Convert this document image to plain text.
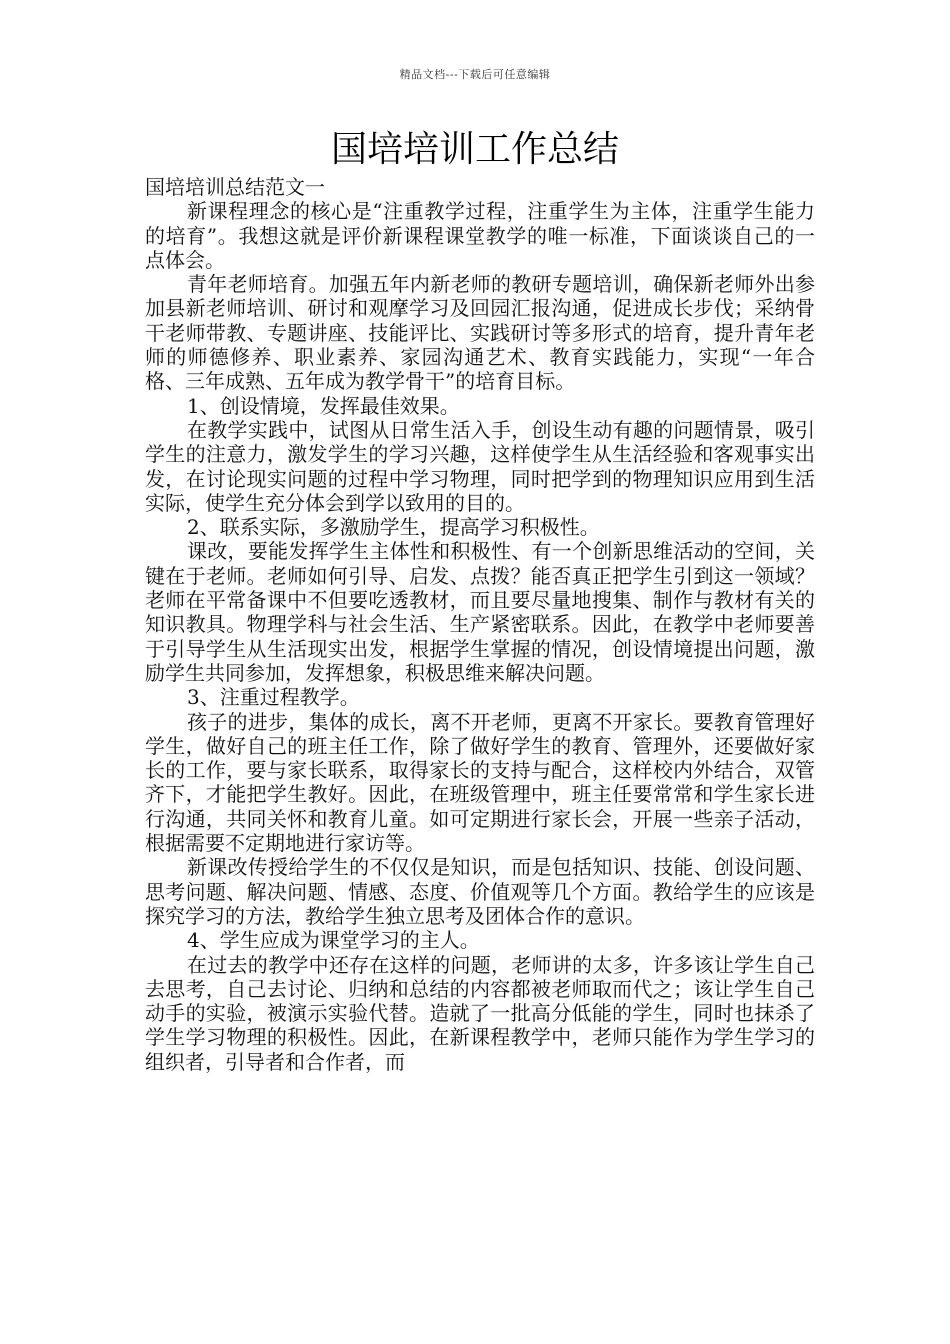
精品文档---下载后可任意编辑
国培培训工作总结

国培培训总结范文一

新课程理念的核心是“注重教学过程，注重学生为主体，注重学生能力的培育”。我想这就是评价新课程课堂教学的唯一标准，下面谈谈自己的一点体会。

青年老师培育。加强五年内新老师的教研专题培训，确保新老师外出参加县新老师培训、研讨和观摩学习及回园汇报沟通，促进成长步伐；采纳骨干老师带教、专题讲座、技能评比、实践研讨等多形式的培育，提升青年老师的师德修养、职业素养、家园沟通艺术、教育实践能力，实现“一年合格、三年成熟、五年成为教学骨干”的培育目标。

1、创设情境，发挥最佳效果。

在教学实践中，试图从日常生活入手，创设生动有趣的问题情景，吸引学生的注意力，激发学生的学习兴趣，这样使学生从生活经验和客观事实出发，在讨论现实问题的过程中学习物理，同时把学到的物理知识应用到生活实际，使学生充分体会到学以致用的目的。

2、联系实际，多激励学生，提高学习积极性。

课改，要能发挥学生主体性和积极性、有一个创新思维活动的空间，关键在于老师。老师如何引导、启发、点拨？能否真正把学生引到这一领域？老师在平常备课中不但要吃透教材，而且要尽量地搜集、制作与教材有关的知识教具。物理学科与社会生活、生产紧密联系。因此，在教学中老师要善于引导学生从生活现实出发，根据学生掌握的情况，创设情境提出问题，激励学生共同参加，发挥想象，积极思维来解决问题。

3、注重过程教学。

孩子的进步，集体的成长，离不开老师，更离不开家长。要教育管理好学生，做好自己的班主任工作，除了做好学生的教育、管理外，还要做好家长的工作，要与家长联系，取得家长的支持与配合，这样校内外结合，双管齐下，才能把学生教好。因此，在班级管理中，班主任要常常和学生家长进行沟通，共同关怀和教育儿童。如可定期进行家长会，开展一些亲子活动，根据需要不定期地进行家访等。

新课改传授给学生的不仅仅是知识，而是包括知识、技能、创设问题、思考问题、解决问题、情感、态度、价值观等几个方面。教给学生的应该是探究学习的方法，教给学生独立思考及团体合作的意识。

4、学生应成为课堂学习的主人。

在过去的教学中还存在这样的问题，老师讲的太多，许多该让学生自己去思考，自己去讨论、归纳和总结的内容都被老师取而代之；该让学生自己动手的实验，被演示实验代替。造就了一批高分低能的学生，同时也抹杀了学生学习物理的积极性。因此，在新课程教学中，老师只能作为学生学习的组织者，引导者和合作者，而
